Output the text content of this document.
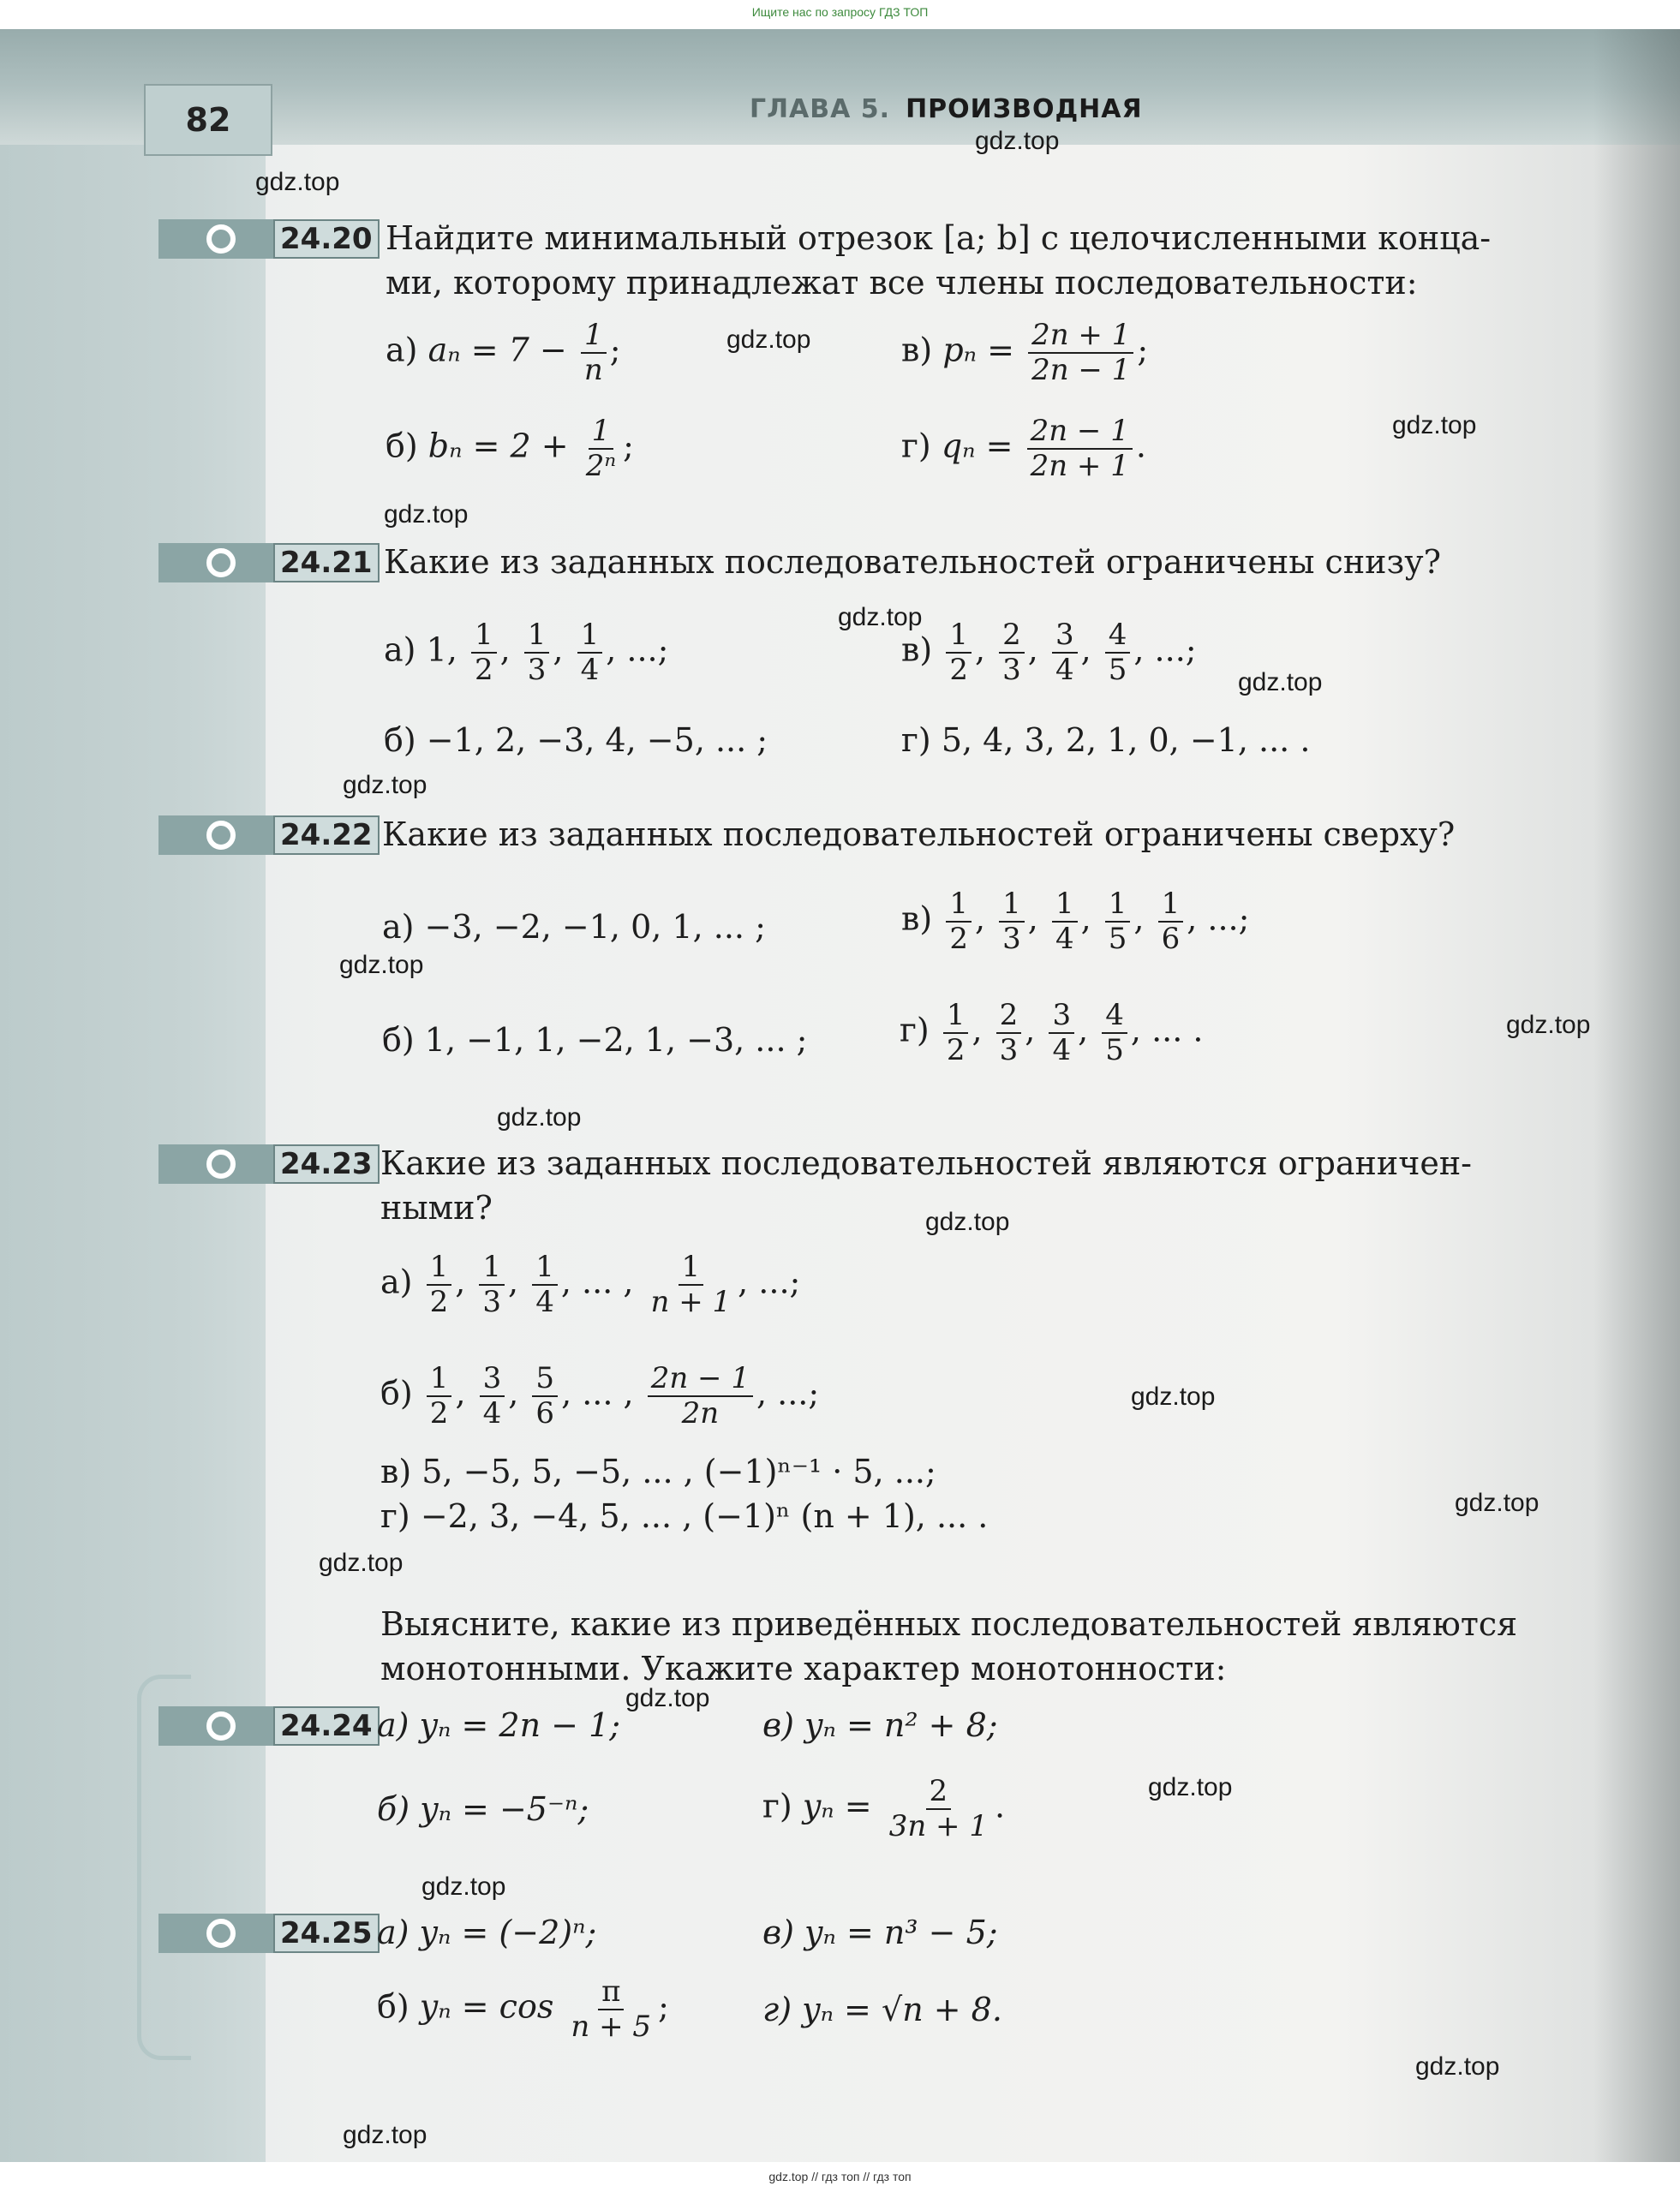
Ищите нас по запросу ГДЗ ТОП
82	ГЛАВА 5. ПРОИЗВОДНАЯ
gdz.top
gdz.top
gdz.top
gdz.top
gdz.top
gdz.top
gdz.top
gdz.top
gdz.top
gdz.top
gdz.top
gdz.top
gdz.top
gdz.top
gdz.top
gdz.top
gdz.top
gdz.top
gdz.top
gdz.top
24.20 Найдите минимальный отрезок [a; b] с целочисленными конца-
ми, которому принадлежат все члены последовательности:
а) $a_n = 7 - \frac{1}{n}$ ;	в) $p_n = \frac{2n + 1}{2n - 1}$ ;
б) $b_n = 2 + \frac{1}{\text{2ⁿ}}$ ;	г) $q_n = \frac{2n - 1}{2n + 1}$ .
24.21 Какие из заданных последовательностей ограничены снизу?
а) 1, $\frac{1}{2}$ , $\frac{1}{3}$ , $\frac{1}{4}$ , ...;	$в) \frac{1}{2}$ , $\frac{2}{3}$ , $\frac{3}{4}$ , $\frac{4}{5}$ , ...;
б) −1, 2, −3, 4, −5, ... ;	г) 5, 4, 3, 2, 1, 0, −1, ... .
24.22 Какие из заданных последовательностей ограничены сверху?
а) −3, −2, −1, 0, 1, ... ;	$в) \frac{1}{2}$ , $\frac{1}{3}$ , $\frac{1}{4}$ , $\frac{1}{5}$ , $\frac{1}{6}$ , ...;
б) 1, −1, 1, −2, 1, −3, ... ;	$г) \frac{1}{2}$ , $\frac{2}{3}$ , $\frac{3}{4}$ , $\frac{4}{5}$ , ... .
24.23 Какие из заданных последовательностей являются ограничен-
ными?
$а) \frac{1}{2}$ , $\frac{1}{3}$ , $\frac{1}{4}$ , ... , $\frac{1}{n + 1}$ , ...;
$б) \frac{1}{2}$ , $\frac{3}{4}$ , $\frac{5}{6}$ , ... , $\frac{2n - 1}{2n}$ , ...;
в) 5, −5, 5, −5, ... , (−1)ⁿ⁻¹ · 5, ...;
г) −2, 3, −4, 5, ... , (−1)ⁿ (n + 1), ... .
Выясните, какие из приведённых последовательностей являются
монотонными. Укажите характер монотонности:
24.24 а) yₙ = 2n − 1;	в) yₙ = n² + 8;
б) yₙ = −5⁻ⁿ;	г) $y_n = \frac{2}{3n + 1}$ .
24.25 а) yₙ = (−2)ⁿ;	в) yₙ = n³ − 5;
б) $y_n = \cos \frac{\pi}{n + 5}$ ;	г) yₙ = √n + 8.
gdz.top // гдз топ // гдз топ
